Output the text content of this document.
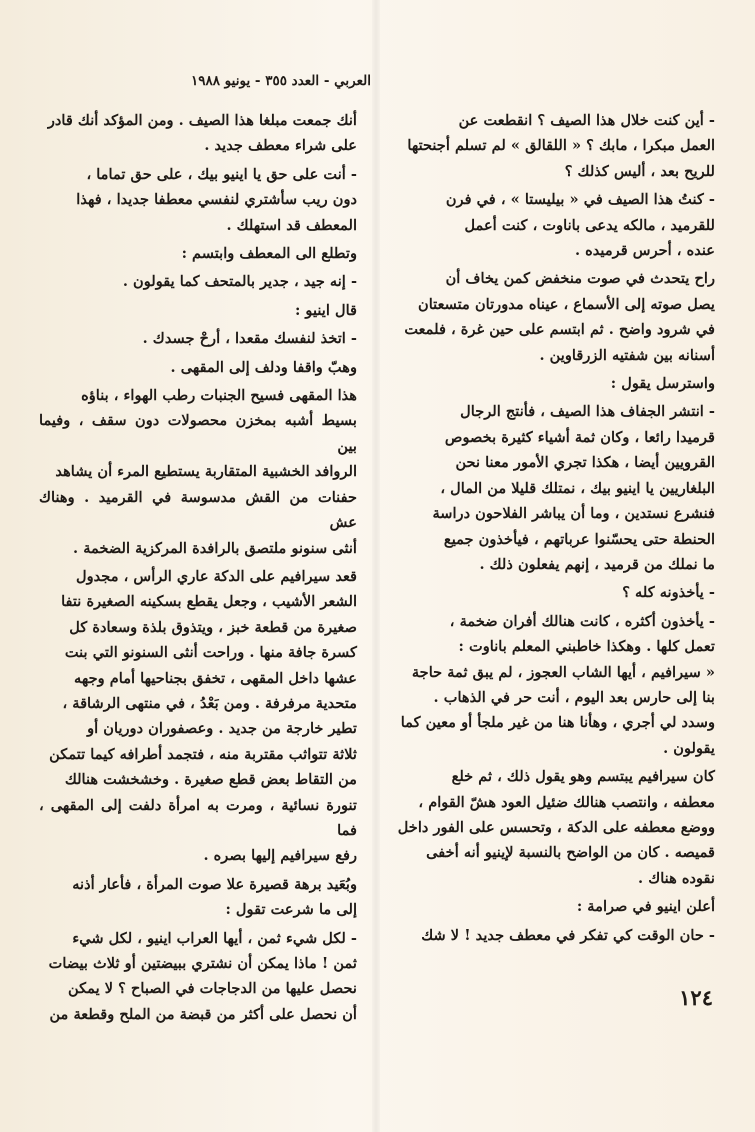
العربي - العدد ٣٥٥ - يونيو ١٩٨٨

- أين كنت خلال هذا الصيف ؟ انقطعت عن
العمل مبكرا ، مابك ؟ « اللقالق » لم تسلم أجنحتها
للريح بعد ، أليس كذلك ؟

- كنتُ هذا الصيف في « بيليستا » ، في فرن
للقرميد ، مالكه يدعى باناوت ، كنت أعمل
عنده ، أحرس قرميده .

راح يتحدث في صوت منخفض كمن يخاف أن
يصل صوته إلى الأسماع ، عيناه مدورتان متسعتان
في شرود واضح . ثم ابتسم على حين غرة ، فلمعت
أسنانه بين شفتيه الزرقاوين .

واسترسل يقول :

- انتشر الجفاف هذا الصيف ، فأنتج الرجال
قرميدا رائعا ، وكان ثمة أشياء كثيرة بخصوص
القرويين أيضا ، هكذا تجري الأمور معنا نحن
البلغاريين يا اينيو بيك ، نمتلك قليلا من المال ،
فنشرع نستدين ، وما أن يباشر الفلاحون دراسة
الحنطة حتى يحسّنوا عرباتهم ، فيأخذون جميع
ما نملك من قرميد ، إنهم يفعلون ذلك .

- يأخذونه كله ؟

- يأخذون أكثره ، كانت هنالك أفران ضخمة ،
تعمل كلها . وهكذا خاطبني المعلم باناوت :
« سيرافيم ، أيها الشاب العجوز ، لم يبق ثمة حاجة
بنا إلى حارس بعد اليوم ، أنت حر في الذهاب .
وسدد لي أجري ، وهأنا هنا من غير ملجأ أو معين كما
يقولون .

كان سيرافيم يبتسم وهو يقول ذلك ، ثم خلع
معطفه ، وانتصب هنالك ضئيل العود هشّ القوام ،
ووضع معطفه على الدكة ، وتحسس على الفور داخل
قميصه . كان من الواضح بالنسبة لإينيو أنه أخفى
نقوده هناك .

أعلن اينيو في صرامة :

- حان الوقت كي تفكر في معطف جديد ! لا شك

أنك جمعت مبلغا هذا الصيف . ومن المؤكد أنك قادر
على شراء معطف جديد .

- أنت على حق يا اينيو بيك ، على حق تماما ،
دون ريب سأشتري لنفسي معطفا جديدا ، فهذا
المعطف قد استهلك .

وتطلع الى المعطف وابتسم :

- إنه جيد ، جدير بالمتحف كما يقولون .

قال اينيو :

- اتخذ لنفسك مقعدا ، أرحْ جسدك .

وهبّ واقفا ودلف إلى المقهى .

هذا المقهى فسيح الجنبات رطب الهواء ، بناؤه
بسيط أشبه بمخزن محصولات دون سقف ، وفيما بين
الروافد الخشبية المتقاربة يستطيع المرء أن يشاهد
حفنات من القش مدسوسة في القرميد . وهناك عش
أنثى سنونو ملتصق بالرافدة المركزية الضخمة .

قعد سيرافيم على الدكة عاري الرأس ، مجدول
الشعر الأشيب ، وجعل يقطع بسكينه الصغيرة نتفا
صغيرة من قطعة خبز ، ويتذوق بلذة وسعادة كل
كسرة جافة منها . وراحت أنثى السنونو التي بنت
عشها داخل المقهى ، تخفق بجناحيها أمام وجهه
متحدية مرفرفة . ومن بَعْدُ ، في منتهى الرشاقة ،
تطير خارجة من جديد . وعصفوران دوريان أو
ثلاثة تتواثب مقتربة منه ، فتجمد أطرافه كيما تتمكن
من التقاط بعض قطع صغيرة . وخشخشت هنالك
تنورة نسائية ، ومرت به امرأة دلفت إلى المقهى ، فما
رفع سيرافيم إليها بصره .

وبُعَيد برهة قصيرة علا صوت المرأة ، فأعار أذنه
إلى ما شرعت تقول :

- لكل شيء ثمن ، أيها العراب اينيو ، لكل شيء
ثمن ! ماذا يمكن أن نشتري ببيضتين أو ثلاث بيضات
نحصل عليها من الدجاجات في الصباح ؟ لا يمكن
أن نحصل على أكثر من قبضة من الملح وقطعة من

١٢٤
